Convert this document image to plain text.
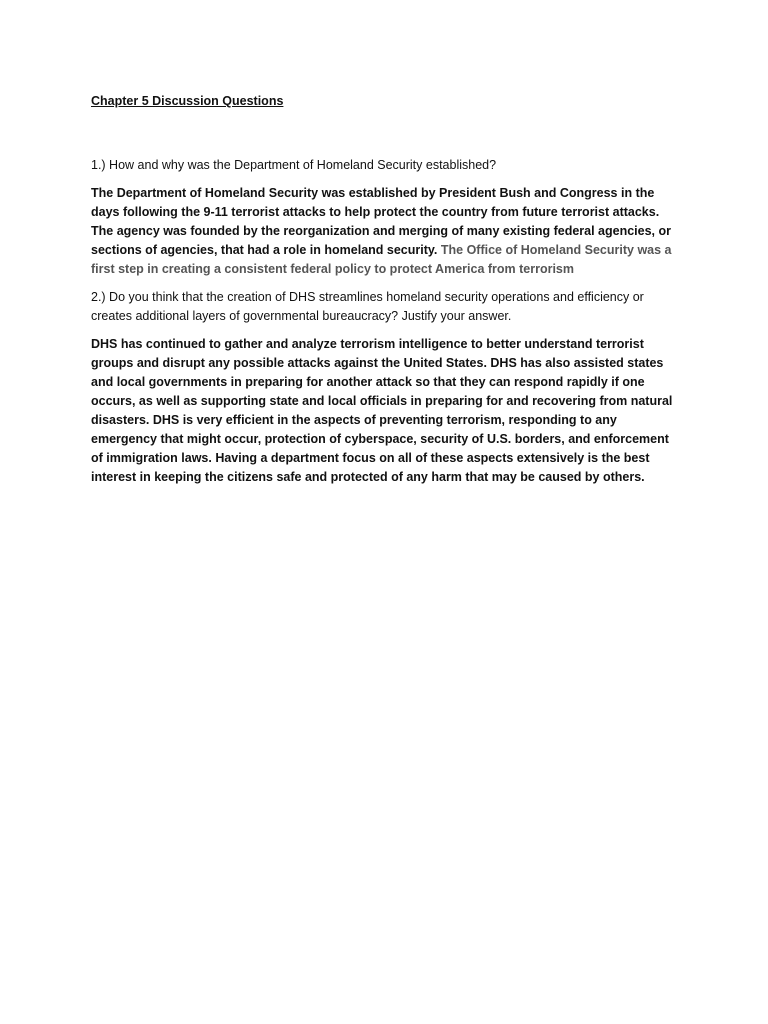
Chapter 5 Discussion Questions
1.) How and why was the Department of Homeland Security established?
The Department of Homeland Security was established by President Bush and Congress in the days following the 9-11 terrorist attacks to help protect the country from future terrorist attacks. The agency was founded by the reorganization and merging of many existing federal agencies, or sections of agencies, that had a role in homeland security. The Office of Homeland Security was a first step in creating a consistent federal policy to protect America from terrorism
2.) Do you think that the creation of DHS streamlines homeland security operations and efficiency or creates additional layers of governmental bureaucracy? Justify your answer.
DHS has continued to gather and analyze terrorism intelligence to better understand terrorist groups and disrupt any possible attacks against the United States. DHS has also assisted states and local governments in preparing for another attack so that they can respond rapidly if one occurs, as well as supporting state and local officials in preparing for and recovering from natural disasters. DHS is very efficient in the aspects of preventing terrorism, responding to any emergency that might occur, protection of cyberspace, security of U.S. borders, and enforcement of immigration laws. Having a department focus on all of these aspects extensively is the best interest in keeping the citizens safe and protected of any harm that may be caused by others.
